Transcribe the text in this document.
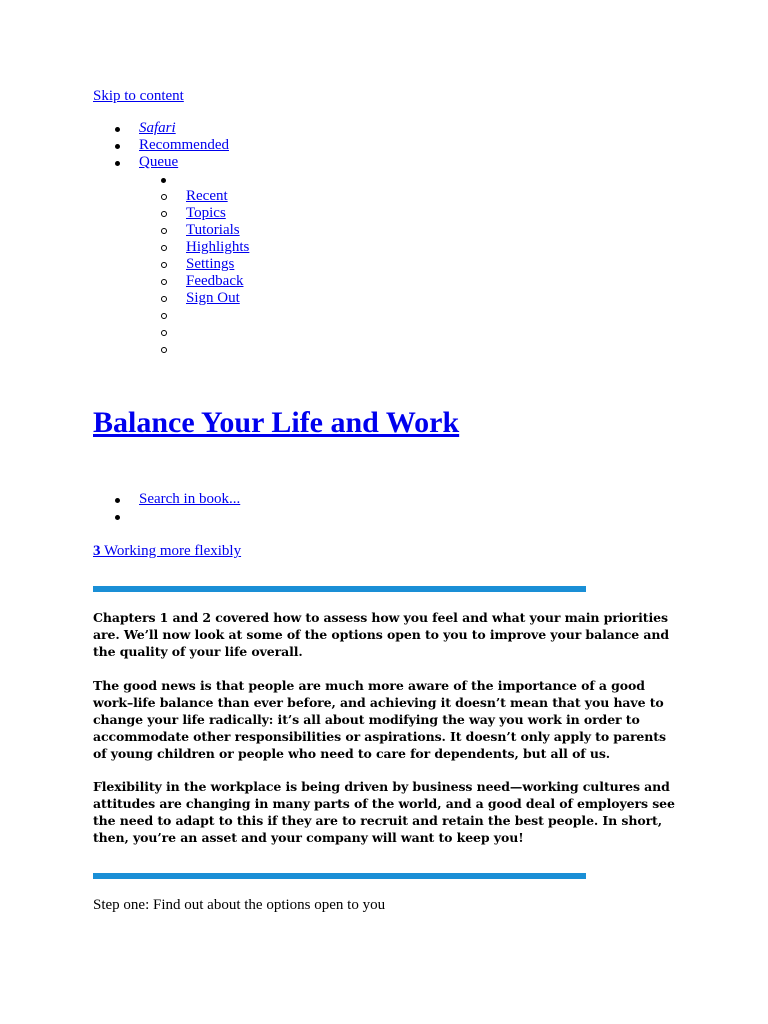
Skip to content
Safari
Recommended
Queue
Recent
Topics
Tutorials
Highlights
Settings
Feedback
Sign Out
Balance Your Life and Work
Search in book...
3 Working more flexibly

Chapters 1 and 2 covered how to assess how you feel and what your main priorities are. We’ll now look at some of the options open to you to improve your balance and the quality of your life overall.

The good news is that people are much more aware of the importance of a good work–life balance than ever before, and achieving it doesn’t mean that you have to change your life radically: it’s all about modifying the way you work in order to accommodate other responsibilities or aspirations. It doesn’t only apply to parents of young children or people who need to care for dependents, but all of us.

Flexibility in the workplace is being driven by business need—working cultures and attitudes are changing in many parts of the world, and a good deal of employers see the need to adapt to this if they are to recruit and retain the best people. In short, then, you’re an asset and your company will want to keep you!

Step one: Find out about the options open to you
